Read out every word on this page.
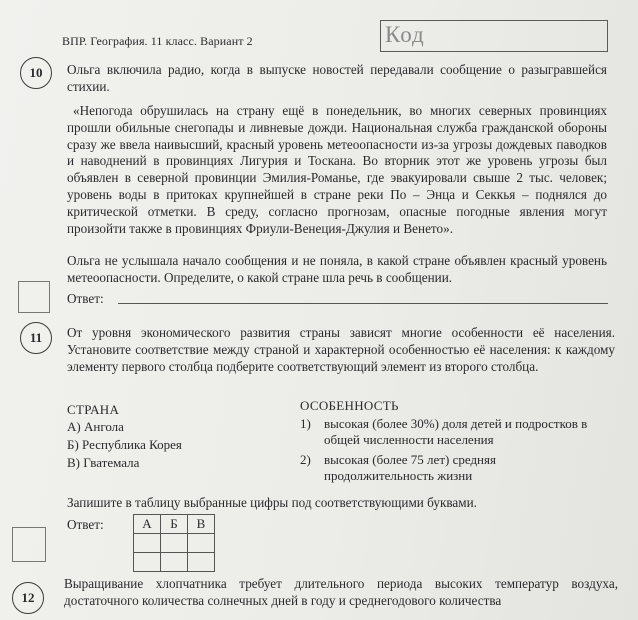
ВПР. География. 11 класс. Вариант 2	Код
10	Ольга включила радио, когда в выпуске новостей передавали сообщение о разыгравшейся стихии.
«Непогода обрушилась на страну ещё в понедельник, во многих северных провинциях прошли обильные снегопады и ливневые дожди. Национальная служба гражданской обороны сразу же ввела наивысший, красный уровень метеоопасности из-за угрозы дождевых паводков и наводнений в провинциях Лигурия и Тоскана. Во вторник этот же уровень угрозы был объявлен в северной провинции Эмилия-Романье, где эвакуировали свыше 2 тыс. человек; уровень воды в притоках крупнейшей в стране реки По – Энца и Секкья – поднялся до критической отметки. В среду, согласно прогнозам, опасные погодные явления могут произойти также в провинциях Фриули-Венеция-Джулия и Венето».
Ольга не услышала начало сообщения и не поняла, в какой стране объявлен красный уровень метеоопасности. Определите, о какой стране шла речь в сообщении.
Ответ:
11	От уровня экономического развития страны зависят многие особенности её населения. Установите соответствие между страной и характерной особенностью её населения: к каждому элементу первого столбца подберите соответствующий элемент из второго столбца.
СТРАНА	ОСОБЕННОСТЬ
А) Ангола
Б) Республика Корея
В) Гватемала
1) высокая (более 30%) доля детей и подростков в общей численности населения
2) высокая (более 75 лет) средняя продолжительность жизни
Запишите в таблицу выбранные цифры под соответствующими буквами.
Ответ:	А	Б	В

12
Выращивание хлопчатника требует длительного периода высоких температур воздуха, достаточного количества солнечных дней в году и среднегодового количества
